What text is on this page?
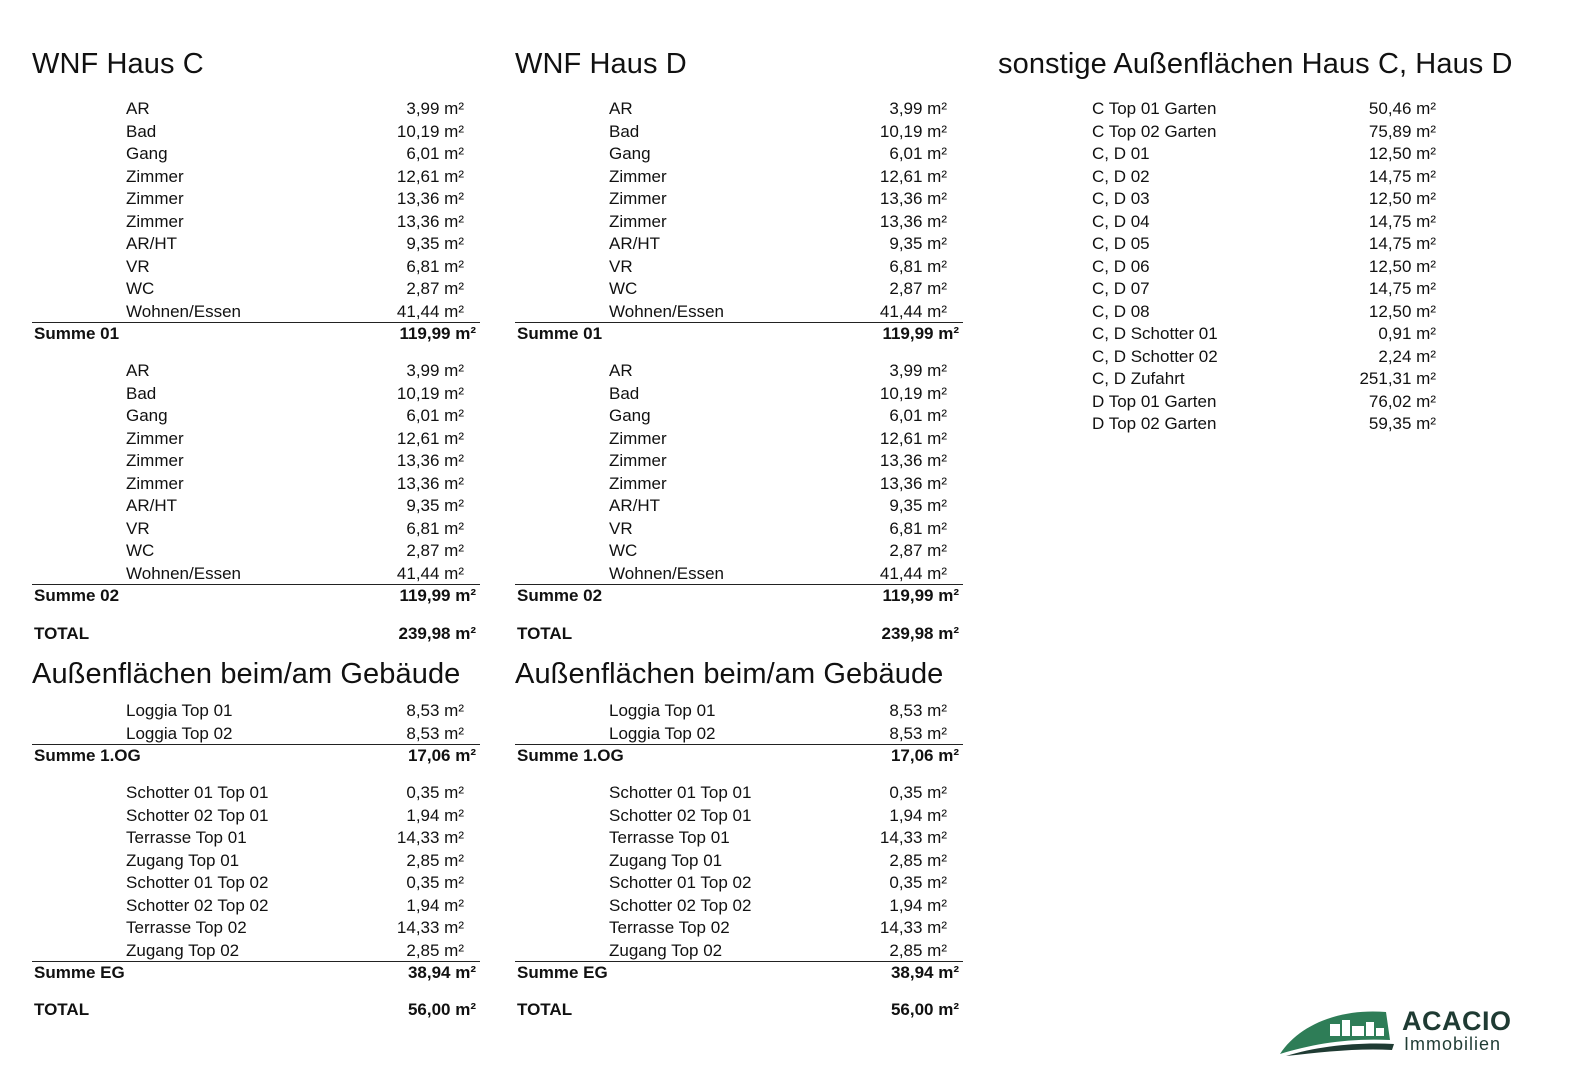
WNF Haus C
AR	3,99 m²
Bad	10,19 m²
Gang	6,01 m²
Zimmer	12,61 m²
Zimmer	13,36 m²
Zimmer	13,36 m²
AR/HT	9,35 m²
VR	6,81 m²
WC	2,87 m²
Wohnen/Essen	41,44 m²
Summe 01	119,99 m²
AR	3,99 m²
Bad	10,19 m²
Gang	6,01 m²
Zimmer	12,61 m²
Zimmer	13,36 m²
Zimmer	13,36 m²
AR/HT	9,35 m²
VR	6,81 m²
WC	2,87 m²
Wohnen/Essen	41,44 m²
Summe 02	119,99 m²
TOTAL	239,98 m²
Außenflächen beim/am Gebäude
Loggia Top 01	8,53 m²
Loggia Top 02	8,53 m²
Summe 1.OG	17,06 m²
Schotter 01 Top 01	0,35 m²
Schotter 02 Top 01	1,94 m²
Terrasse Top 01	14,33 m²
Zugang Top 01	2,85 m²
Schotter 01 Top 02	0,35 m²
Schotter 02 Top 02	1,94 m²
Terrasse Top 02	14,33 m²
Zugang Top 02	2,85 m²
Summe EG	38,94 m²
TOTAL	56,00 m²
WNF Haus D
AR	3,99 m²
Bad	10,19 m²
Gang	6,01 m²
Zimmer	12,61 m²
Zimmer	13,36 m²
Zimmer	13,36 m²
AR/HT	9,35 m²
VR	6,81 m²
WC	2,87 m²
Wohnen/Essen	41,44 m²
Summe 01	119,99 m²
AR	3,99 m²
Bad	10,19 m²
Gang	6,01 m²
Zimmer	12,61 m²
Zimmer	13,36 m²
Zimmer	13,36 m²
AR/HT	9,35 m²
VR	6,81 m²
WC	2,87 m²
Wohnen/Essen	41,44 m²
Summe 02	119,99 m²
TOTAL	239,98 m²
Außenflächen beim/am Gebäude
Loggia Top 01	8,53 m²
Loggia Top 02	8,53 m²
Summe 1.OG	17,06 m²
Schotter 01 Top 01	0,35 m²
Schotter 02 Top 01	1,94 m²
Terrasse Top 01	14,33 m²
Zugang Top 01	2,85 m²
Schotter 01 Top 02	0,35 m²
Schotter 02 Top 02	1,94 m²
Terrasse Top 02	14,33 m²
Zugang Top 02	2,85 m²
Summe EG	38,94 m²
TOTAL	56,00 m²
sonstige Außenflächen Haus C, Haus D
C Top 01 Garten	50,46 m²
C Top 02 Garten	75,89 m²
C, D 01	12,50 m²
C, D 02	14,75 m²
C, D 03	12,50 m²
C, D 04	14,75 m²
C, D 05	14,75 m²
C, D 06	12,50 m²
C, D 07	14,75 m²
C, D 08	12,50 m²
C, D Schotter 01	0,91 m²
C, D Schotter 02	2,24 m²
C, D Zufahrt	251,31 m²
D Top 01 Garten	76,02 m²
D Top 02 Garten	59,35 m²
ACACIO
Immobilien
